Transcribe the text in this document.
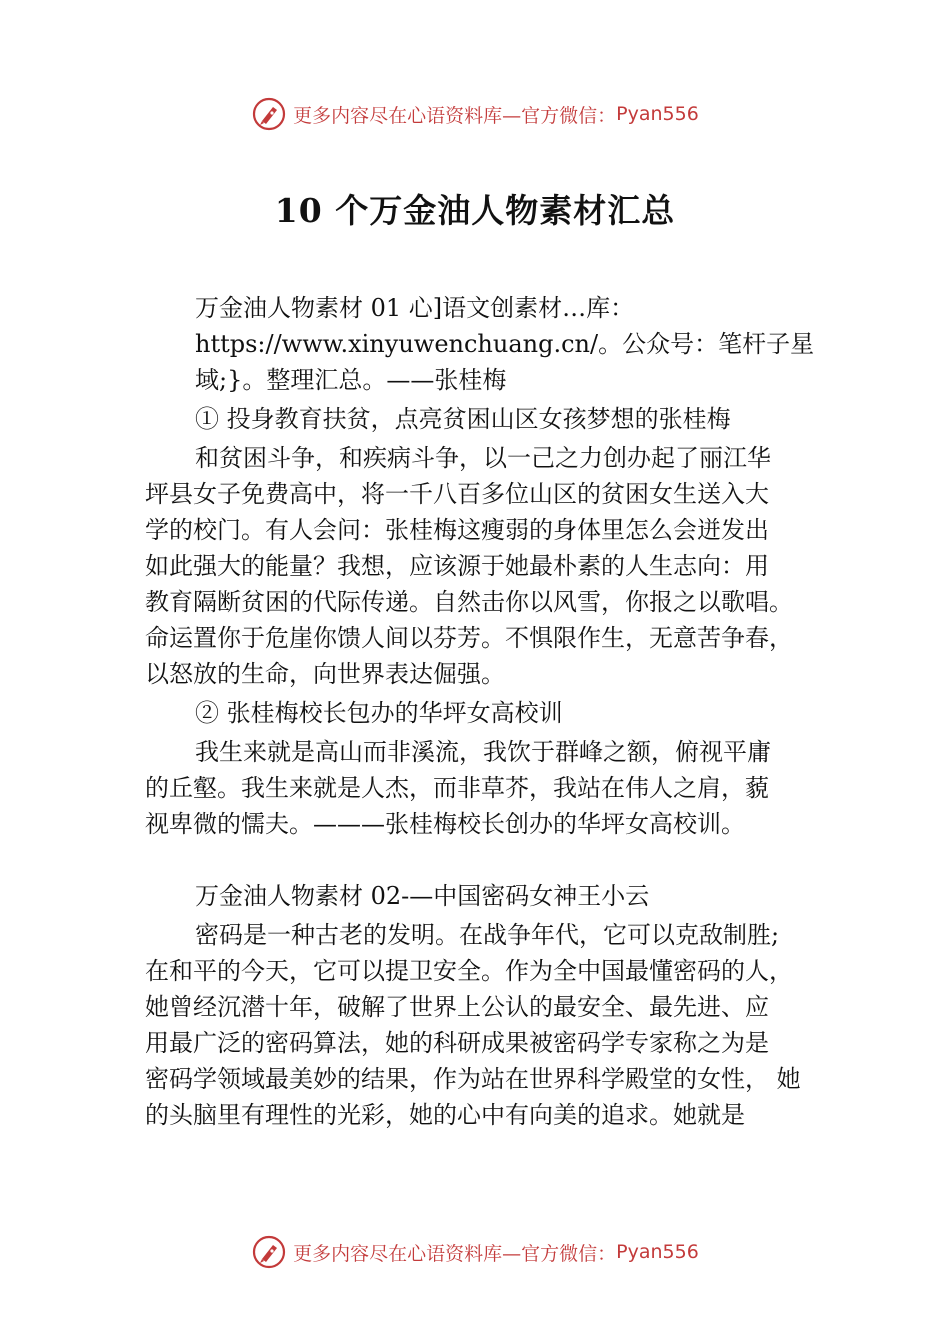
更多内容尽在心语资料库—官方微信： Pyan556
10 个万金油人物素材汇总

万金油人物素材 01 心]语文创素材…库：

https://www.xinyuwenchuang.cn/。公众号：笔杆子星

域;}。整理汇总。——张桂梅

① 投身教育扶贫，点亮贫困山区女孩梦想的张桂梅

和贫困斗争，和疾病斗争，以一己之力创办起了丽江华

坪县女子免费高中，将一千八百多位山区的贫困女生送入大

学的校门。有人会问：张桂梅这瘦弱的身体里怎么会迸发出

如此强大的能量？我想，应该源于她最朴素的人生志向：用

教育隔断贫困的代际传递。自然击你以风雪，你报之以歌唱。

命运置你于危崖你馈人间以芬芳。不惧限作生，无意苦争春，

以怒放的生命，向世界表达倔强。

② 张桂梅校长包办的华坪女高校训

我生来就是高山而非溪流，我饮于群峰之额，俯视平庸

的丘壑。我生来就是人杰，而非草芥，我站在伟人之肩，藐

视卑微的懦夫。———张桂梅校长创办的华坪女高校训。

万金油人物素材 02-—中国密码女神王小云

密码是一种古老的发明。在战争年代，它可以克敌制胜;

在和平的今天，它可以提卫安全。作为全中国最懂密码的人，

她曾经沉潜十年，破解了世界上公认的最安全、最先进、应

用最广泛的密码算法，她的科研成果被密码学专家称之为是

密码学领域最美妙的结果，作为站在世界科学殿堂的女性， 她

的头脑里有理性的光彩，她的心中有向美的追求。她就是

更多内容尽在心语资料库—官方微信： Pyan556
